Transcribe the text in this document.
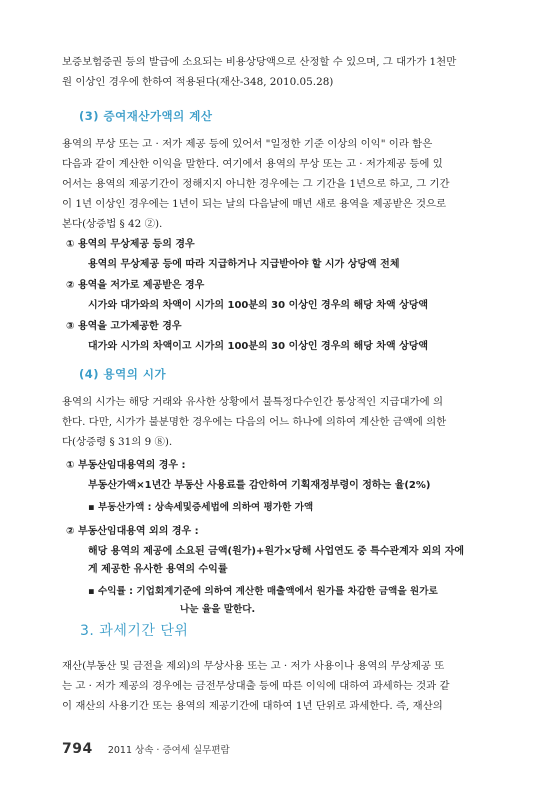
보증보험증권 등의 발급에 소요되는 비용상당액으로 산정할 수 있으며, 그 대가가 1천만

원 이상인 경우에 한하여 적용된다(재산-348, 2010.05.28)

(3) 증여재산가액의 계산

용역의 무상 또는 고 · 저가 제공 등에 있어서 "일정한 기준 이상의 이익" 이라 함은

다음과 같이 계산한 이익을 말한다. 여기에서 용역의 무상 또는 고 · 저가제공 등에 있

어서는 용역의 제공기간이 정해지지 아니한 경우에는 그 기간을 1년으로 하고, 그 기간

이 1년 이상인 경우에는 1년이 되는 날의 다음날에 매년 새로 용역을 제공받은 것으로

본다(상증법 § 42 ②).

① 용역의 무상제공 등의 경우
용역의 무상제공 등에 따라 지급하거나 지급받아야 할 시가 상당액 전체
② 용역을 저가로 제공받은 경우
시가와 대가와의 차액이 시가의 100분의 30 이상인 경우의 해당 차액 상당액
③ 용역을 고가제공한 경우
대가와 시가의 차액이고 시가의 100분의 30 이상인 경우의 해당 차액 상당액
(4) 용역의 시가

용역의 시가는 해당 거래와 유사한 상황에서 불특정다수인간 통상적인 지급대가에 의

한다. 다만, 시가가 불분명한 경우에는 다음의 어느 하나에 의하여 계산한 금액에 의한

다(상증령 § 31의 9 ⑧).

① 부동산임대용역의 경우 :
부동산가액×1년간 부동산 사용료를 감안하여 기획재정부령이 정하는 율(2%)
▪ 부동산가액 : 상속세및증세법에 의하여 평가한 가액
② 부동산임대용역 외의 경우 :
해당 용역의 제공에 소요된 금액(원가)+원가×당해 사업연도 중 특수관계자 외의 자에
게 제공한 유사한 용역의 수익률
▪ 수익률 : 기업회계기준에 의하여 계산한 매출액에서 원가를 차감한 금액을 원가로
나눈 율을 말한다.
3. 과세기간 단위

재산(부동산 및 금전을 제외)의 무상사용 또는 고 · 저가 사용이나 용역의 무상제공 또

는 고 · 저가 제공의 경우에는 금전무상대출 등에 따른 이익에 대하여 과세하는 것과 같

이 재산의 사용기간 또는 용역의 제공기간에 대하여 1년 단위로 과세한다. 즉, 재산의

794 2011 상속 · 증여세 실무편람
